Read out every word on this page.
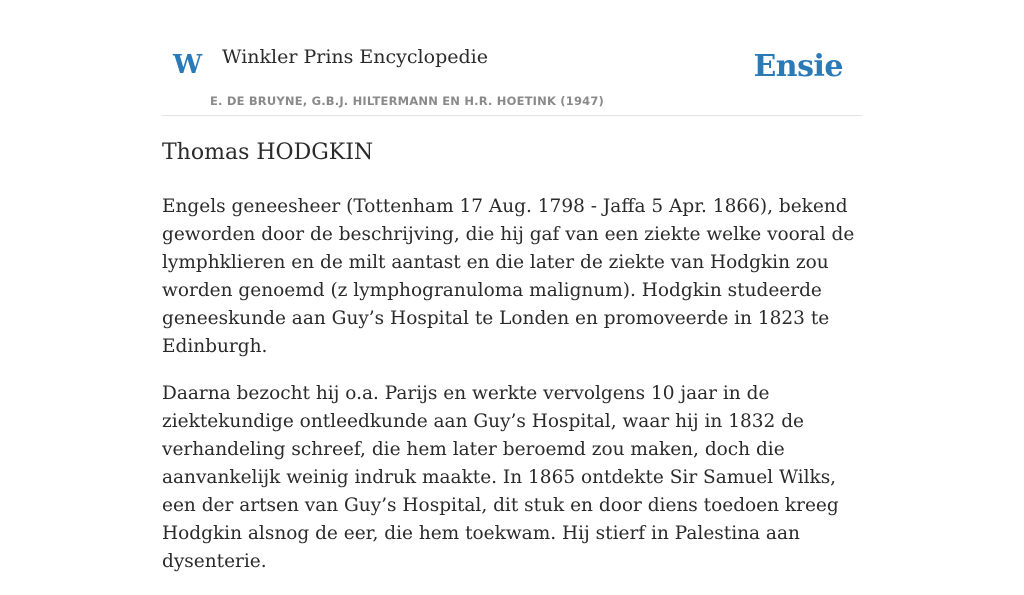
W Winkler Prins Encyclopedie
E. DE BRUYNE, G.B.J. HILTERMANN EN H.R. HOETINK (1947)
Ensie
Thomas HODGKIN

Engels geneesheer (Tottenham 17 Aug. 1798 - Jaffa 5 Apr. 1866), bekend geworden door de beschrijving, die hij gaf van een ziekte welke vooral de lymphklieren en de milt aantast en die later de ziekte van Hodgkin zou worden genoemd (z lymphogranuloma malignum). Hodgkin studeerde geneeskunde aan Guy’s Hospital te Londen en promoveerde in 1823 te Edinburgh.

Daarna bezocht hij o.a. Parijs en werkte vervolgens 10 jaar in de ziektekundige ontleedkunde aan Guy’s Hospital, waar hij in 1832 de verhandeling schreef, die hem later beroemd zou maken, doch die aanvankelijk weinig indruk maakte. In 1865 ontdekte Sir Samuel Wilks, een der artsen van Guy’s Hospital, dit stuk en door diens toedoen kreeg Hodgkin alsnog de eer, die hem toekwam. Hij stierf in Palestina aan dysenterie.
